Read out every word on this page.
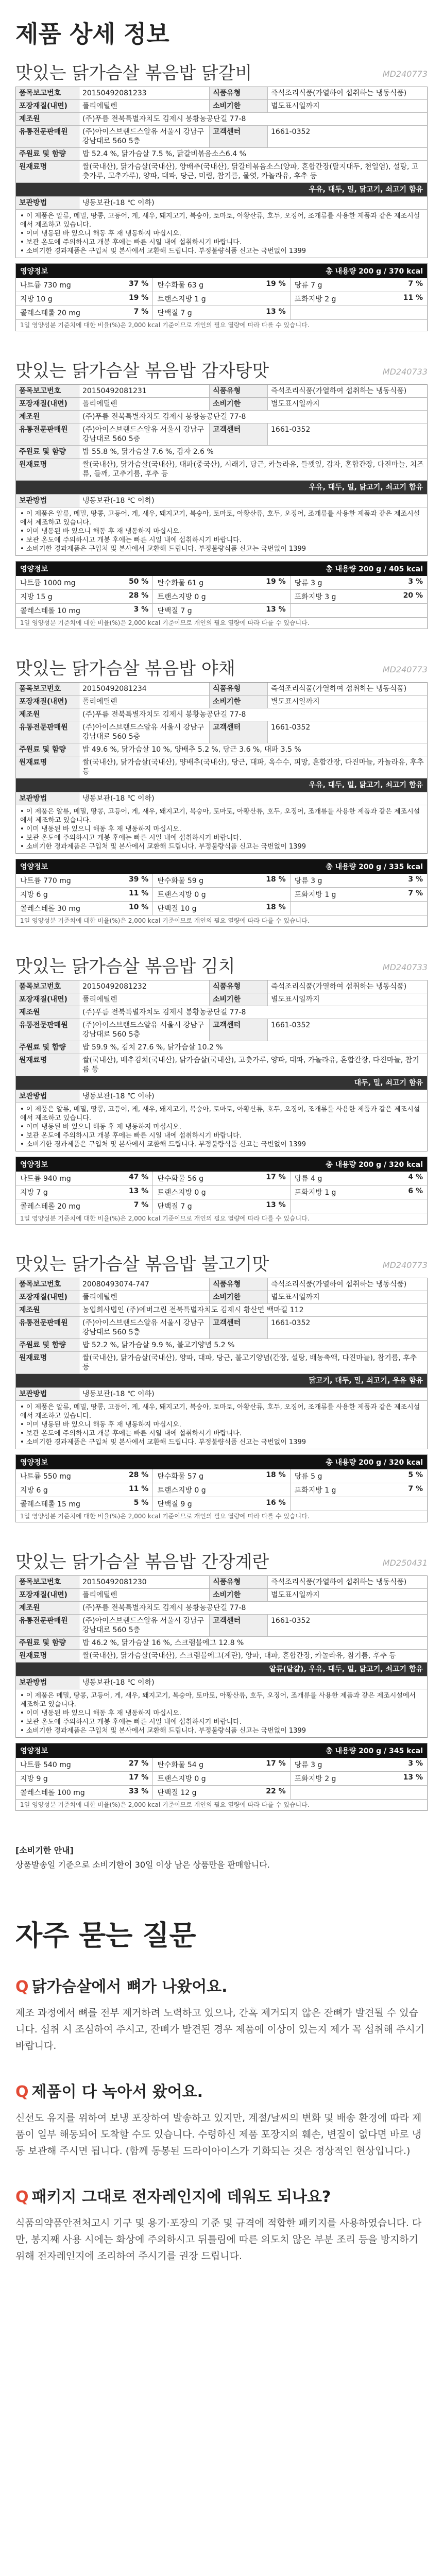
제품 상세 정보
맛있는 닭가슴살 볶음밥 닭갈비	MD240773
품목보고번호	20150492081233	식품유형	즉석조리식품(가열하여 섭취하는 냉동식품)
포장재질(내면)	폴리에틸렌	소비기한	별도표시일까지
제조원	(주)푸름 전북특별자치도 김제시 봉황농공단길 77-8
유통전문판매원	(주)아이스브랜드스알유 서울시 강남구 강남대로 560 5층
고객센터	1661-0352
주원료 및 함량	밥 52.4 %, 닭가슴살 7.5 %, 닭갈비볶음소스6.4 %
원재료명	쌀(국내산), 닭가슴살(국내산), 양배추(국내산), 닭갈비볶음소스(양파, 혼합간장(탈지대두, 천일염), 설탕, 고춧가루, 고추가루), 양파, 대파, 당근, 미림, 참기름, 물엿, 카놀라유, 후추 등
우유, 대두, 밀, 닭고기, 쇠고기 함유
보관방법	냉동보관(-18 ℃ 이하)
• 이 제품은 알류, 메밀, 땅콩, 고등어, 게, 새우, 돼지고기, 복숭아, 토마토, 아황산류, 호두, 오징어, 조개류를 사용한 제품과 같은 제조시설에서 제조하고 있습니다.
• 이미 냉동된 바 있으니 해동 후 재 냉동하지 마십시오.
• 보관 온도에 주의하시고 개봉 후에는 빠른 시일 내에 섭취하시기 바랍니다.
• 소비기한 경과제품은 구입처 및 본사에서 교환해 드립니다. 부정불량식품 신고는 국번없이 1399
영양정보	총 내용량 200 g / 370 kcal
나트륨 730 mg	37 %	탄수화물 63 g	19 %	당류 7 g	7 %
지방 10 g	19 %	트랜스지방 1 g	포화지방 2 g	11 %
콜레스테롤 20 mg	7 %	단백질 7 g	13 %
1일 영양성분 기준치에 대한 비율(%)은 2,000 kcal 기준이므로 개인의 필요 열량에 따라 다를 수 있습니다.
맛있는 닭가슴살 볶음밥 감자탕맛	MD240733
품목보고번호	20150492081231	식품유형	즉석조리식품(가열하여 섭취하는 냉동식품)
포장재질(내면)	폴리에틸렌	소비기한	별도표시일까지
제조원	(주)푸름 전북특별자치도 김제시 봉황농공단길 77-8
유통전문판매원	(주)아이스브랜드스알유 서울시 강남구 강남대로 560 5층
고객센터	1661-0352
주원료 및 함량	밥 55.8 %, 닭가슴살 7.6 %, 감자 2.6 %
원재료명	쌀(국내산), 닭가슴살(국내산), 대파(중국산), 시래기, 당근, 카놀라유, 들깻잎, 감자, 혼합간장, 다진마늘, 치즈류, 들깨, 고추기름, 후추 등
우유, 대두, 밀, 닭고기, 쇠고기 함유
보관방법	냉동보관(-18 ℃ 이하)
• 이 제품은 알류, 메밀, 땅콩, 고등어, 게, 새우, 돼지고기, 복숭아, 토마토, 아황산류, 호두, 오징어, 조개류를 사용한 제품과 같은 제조시설에서 제조하고 있습니다.
• 이미 냉동된 바 있으니 해동 후 재 냉동하지 마십시오.
• 보관 온도에 주의하시고 개봉 후에는 빠른 시일 내에 섭취하시기 바랍니다.
• 소비기한 경과제품은 구입처 및 본사에서 교환해 드립니다. 부정불량식품 신고는 국번없이 1399
영양정보	총 내용량 200 g / 405 kcal
나트륨 1000 mg	50 %	탄수화물 61 g	19 %	당류 3 g	3 %
지방 15 g	28 %	트랜스지방 0 g	포화지방 3 g	20 %
콜레스테롤 10 mg	3 %	단백질 7 g	13 %
1일 영양성분 기준치에 대한 비율(%)은 2,000 kcal 기준이므로 개인의 필요 열량에 따라 다를 수 있습니다.
맛있는 닭가슴살 볶음밥 야채	MD240773
품목보고번호	20150492081234	식품유형	즉석조리식품(가열하여 섭취하는 냉동식품)
포장재질(내면)	폴리에틸렌	소비기한	별도표시일까지
제조원	(주)푸름 전북특별자치도 김제시 봉황농공단길 77-8
유통전문판매원	(주)아이스브랜드스알유 서울시 강남구 강남대로 560 5층
고객센터	1661-0352
주원료 및 함량	밥 49.6 %, 닭가슴살 10 %, 양배추 5.2 %, 당근 3.6 %, 대파 3.5 %
원재료명	쌀(국내산), 닭가슴살(국내산), 양배추(국내산), 당근, 대파, 옥수수, 피망, 혼합간장, 다진마늘, 카놀라유, 후추 등
우유, 대두, 밀, 닭고기, 쇠고기 함유
보관방법	냉동보관(-18 ℃ 이하)
• 이 제품은 알류, 메밀, 땅콩, 고등어, 게, 새우, 돼지고기, 복숭아, 토마토, 아황산류, 호두, 오징어, 조개류를 사용한 제품과 같은 제조시설에서 제조하고 있습니다.
• 이미 냉동된 바 있으니 해동 후 재 냉동하지 마십시오.
• 보관 온도에 주의하시고 개봉 후에는 빠른 시일 내에 섭취하시기 바랍니다.
• 소비기한 경과제품은 구입처 및 본사에서 교환해 드립니다. 부정불량식품 신고는 국번없이 1399
영양정보	총 내용량 200 g / 335 kcal
나트륨 770 mg	39 %	탄수화물 59 g	18 %	당류 3 g	3 %
지방 6 g	11 %	트랜스지방 0 g	포화지방 1 g	7 %
콜레스테롤 30 mg	10 %	단백질 10 g	18 %
1일 영양성분 기준치에 대한 비율(%)은 2,000 kcal 기준이므로 개인의 필요 열량에 따라 다를 수 있습니다.
맛있는 닭가슴살 볶음밥 김치	MD240733
품목보고번호	20150492081232	식품유형	즉석조리식품(가열하여 섭취하는 냉동식품)
포장재질(내면)	폴리에틸렌	소비기한	별도표시일까지
제조원	(주)푸름 전북특별자치도 김제시 봉황농공단길 77-8
유통전문판매원	(주)아이스브랜드스알유 서울시 강남구 강남대로 560 5층
고객센터	1661-0352
주원료 및 함량	밥 59.9 %, 김치 27.6 %, 닭가슴살 10.2 %
원재료명	쌀(국내산), 배추김치(국내산), 닭가슴살(국내산), 고춧가루, 양파, 대파, 카놀라유, 혼합간장, 다진마늘, 참기름 등
대두, 밀, 쇠고기 함유
보관방법	냉동보관(-18 ℃ 이하)
• 이 제품은 알류, 메밀, 땅콩, 고등어, 게, 새우, 돼지고기, 복숭아, 토마토, 아황산류, 호두, 오징어, 조개류를 사용한 제품과 같은 제조시설에서 제조하고 있습니다.
• 이미 냉동된 바 있으니 해동 후 재 냉동하지 마십시오.
• 보관 온도에 주의하시고 개봉 후에는 빠른 시일 내에 섭취하시기 바랍니다.
• 소비기한 경과제품은 구입처 및 본사에서 교환해 드립니다. 부정불량식품 신고는 국번없이 1399
영양정보	총 내용량 200 g / 320 kcal
나트륨 940 mg	47 %	탄수화물 56 g	17 %	당류 4 g	4 %
지방 7 g	13 %	트랜스지방 0 g	포화지방 1 g	6 %
콜레스테롤 20 mg	7 %	단백질 7 g	13 %
1일 영양성분 기준치에 대한 비율(%)은 2,000 kcal 기준이므로 개인의 필요 열량에 따라 다를 수 있습니다.
맛있는 닭가슴살 볶음밥 불고기맛	MD240773
품목보고번호	20080493074-747	식품유형	즉석조리식품(가열하여 섭취하는 냉동식품)
포장재질(내면)	폴리에틸렌	소비기한	별도표시일까지
제조원	농업회사법인 (주)에버그린 전북특별자치도 김제시 황산면 백마길 112
유통전문판매원	(주)아이스브랜드스알유 서울시 강남구 강남대로 560 5층
고객센터	1661-0352
주원료 및 함량	밥 52.2 %, 닭가슴살 9.9 %, 불고기양념 5.2 %
원재료명	쌀(국내산), 닭가슴살(국내산), 양파, 대파, 당근, 불고기양념(간장, 설탕, 배농축액, 다진마늘), 참기름, 후추 등
닭고기, 대두, 밀, 쇠고기, 우유 함유
보관방법	냉동보관(-18 ℃ 이하)
• 이 제품은 알류, 메밀, 땅콩, 고등어, 게, 새우, 돼지고기, 복숭아, 토마토, 아황산류, 호두, 오징어, 조개류를 사용한 제품과 같은 제조시설에서 제조하고 있습니다.
• 이미 냉동된 바 있으니 해동 후 재 냉동하지 마십시오.
• 보관 온도에 주의하시고 개봉 후에는 빠른 시일 내에 섭취하시기 바랍니다.
• 소비기한 경과제품은 구입처 및 본사에서 교환해 드립니다. 부정불량식품 신고는 국번없이 1399
영양정보	총 내용량 200 g / 320 kcal
나트륨 550 mg	28 %	탄수화물 57 g	18 %	당류 5 g	5 %
지방 6 g	11 %	트랜스지방 0 g	포화지방 1 g	7 %
콜레스테롤 15 mg	5 %	단백질 9 g	16 %
1일 영양성분 기준치에 대한 비율(%)은 2,000 kcal 기준이므로 개인의 필요 열량에 따라 다를 수 있습니다.
맛있는 닭가슴살 볶음밥 간장계란	MD250431
품목보고번호	20150492081230	식품유형	즉석조리식품(가열하여 섭취하는 냉동식품)
포장재질(내면)	폴리에틸렌	소비기한	별도표시일까지
제조원	(주)푸름 전북특별자치도 김제시 봉황농공단길 77-8
유통전문판매원	(주)아이스브랜드스알유 서울시 강남구 강남대로 560 5층
고객센터	1661-0352
주원료 및 함량	밥 46.2 %, 닭가슴살 16 %, 스크램블에그 12.8 %
원재료명	쌀(국내산), 닭가슴살(국내산), 스크램블에그(계란), 양파, 대파, 혼합간장, 카놀라유, 참기름, 후추 등
알류(달걀), 우유, 대두, 밀, 닭고기, 쇠고기 함유
보관방법	냉동보관(-18 ℃ 이하)
• 이 제품은 메밀, 땅콩, 고등어, 게, 새우, 돼지고기, 복숭아, 토마토, 아황산류, 호두, 오징어, 조개류를 사용한 제품과 같은 제조시설에서 제조하고 있습니다.
• 이미 냉동된 바 있으니 해동 후 재 냉동하지 마십시오.
• 보관 온도에 주의하시고 개봉 후에는 빠른 시일 내에 섭취하시기 바랍니다.
• 소비기한 경과제품은 구입처 및 본사에서 교환해 드립니다. 부정불량식품 신고는 국번없이 1399
영양정보	총 내용량 200 g / 345 kcal
나트륨 540 mg	27 %	탄수화물 54 g	17 %	당류 3 g	3 %
지방 9 g	17 %	트랜스지방 0 g	포화지방 2 g	13 %
콜레스테롤 100 mg	33 %	단백질 12 g	22 %
1일 영양성분 기준치에 대한 비율(%)은 2,000 kcal 기준이므로 개인의 필요 열량에 따라 다를 수 있습니다.
[소비기한 안내]
상품발송일 기준으로 소비기한이 30일 이상 남은 상품만을 판매합니다.
자주 묻는 질문
Q 닭가슴살에서 뼈가 나왔어요.
제조 과정에서 뼈를 전부 제거하려 노력하고 있으나, 간혹 제거되지 않은 잔뼈가 발견될 수 있습니다. 섭취 시 조심하여 주시고, 잔뼈가 발견된 경우 제품에 이상이 있는지 제가 꼭 섭취해 주시기 바랍니다.
Q 제품이 다 녹아서 왔어요.
신선도 유지를 위하여 보냉 포장하여 발송하고 있지만, 계절/날씨의 변화 및 배송 환경에 따라 제품이 일부 해동되어 도착할 수도 있습니다. 수령하신 제품 포장지의 훼손, 변질이 없다면 바로 냉동 보관해 주시면 됩니다. (함께 동봉된 드라이아이스가 기화되는 것은 정상적인 현상입니다.)
Q 패키지 그대로 전자레인지에 데워도 되나요?
식품의약품안전처고시 기구 및 용기·포장의 기준 및 규격에 적합한 패키지를 사용하였습니다. 다만, 봉지째 사용 시에는 화상에 주의하시고 뒤틀림에 따른 의도치 않은 부분 조리 등을 방지하기 위해 전자레인지에 조리하여 주시기를 권장 드립니다.
